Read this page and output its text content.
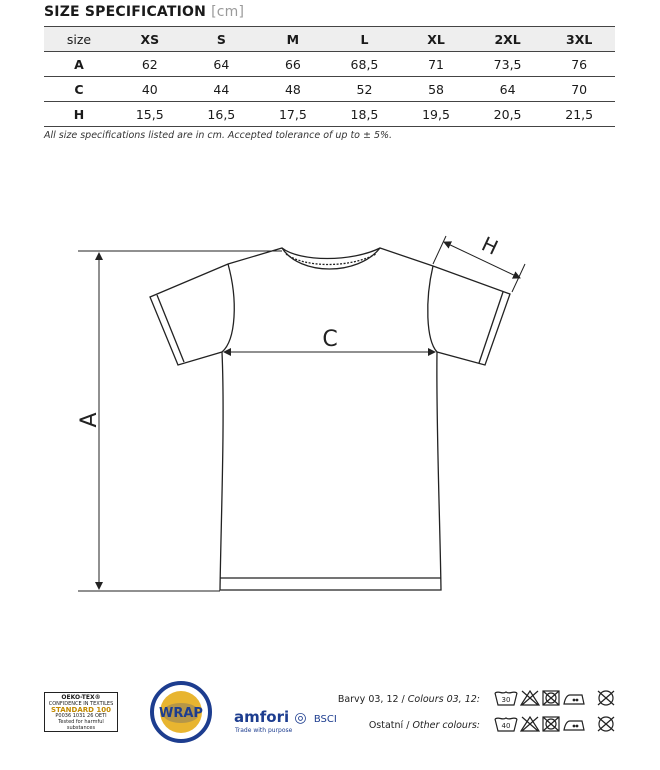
SIZE SPECIFICATION [cm]
size	XS	S	M	L	XL	2XL	3XL
A	62	64	66	68,5	71	73,5	76
C	40	44	48	52	58	64	70
H	15,5	16,5	17,5	18,5	19,5	20,5	21,5
All size specifications listed are in cm. Accepted tolerance of up to ± 5%.
A
C
H
OEKO-TEX®
CONFIDENCE IN TEXTILES
STANDARD 100
P0036 1031 26 OETI
Tested for harmful substances
WRAP amfori ◎ BSCI
Trade with purpose
Barvy 03, 12 / Colours 03, 12:
Ostatní / Other colours:
30
40
